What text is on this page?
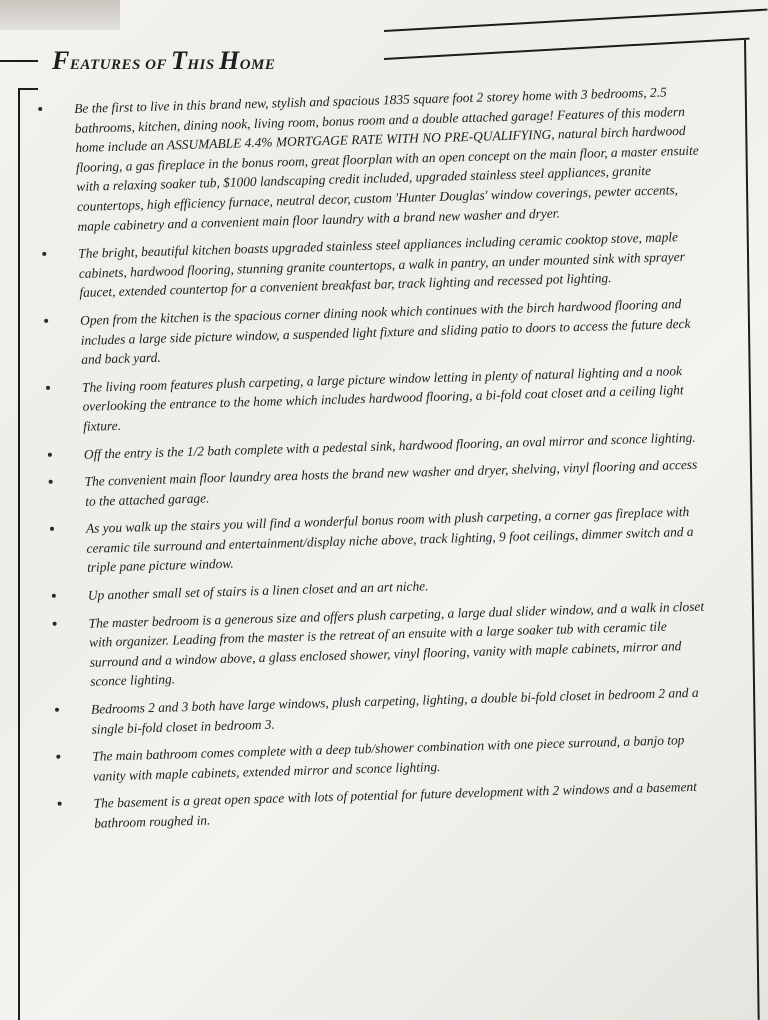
FEATURES OF THIS HOME
Be the first to live in this brand new, stylish and spacious 1835 square foot 2 storey home with 3 bedrooms, 2.5 bathrooms, kitchen, dining nook, living room, bonus room and a double attached garage! Features of this modern home include an ASSUMABLE 4.4% MORTGAGE RATE WITH NO PRE-QUALIFYING, natural birch hardwood flooring, a gas fireplace in the bonus room, great floorplan with an open concept on the main floor, a master ensuite with a relaxing soaker tub, $1000 landscaping credit included, upgraded stainless steel appliances, granite countertops, high efficiency furnace, neutral decor, custom 'Hunter Douglas' window coverings, pewter accents, maple cabinetry and a convenient main floor laundry with a brand new washer and dryer.
The bright, beautiful kitchen boasts upgraded stainless steel appliances including ceramic cooktop stove, maple cabinets, hardwood flooring, stunning granite countertops, a walk in pantry, an under mounted sink with sprayer faucet, extended countertop for a convenient breakfast bar, track lighting and recessed pot lighting.
Open from the kitchen is the spacious corner dining nook which continues with the birch hardwood flooring and includes a large side picture window, a suspended light fixture and sliding patio to doors to access the future deck and back yard.
The living room features plush carpeting, a large picture window letting in plenty of natural lighting and a nook overlooking the entrance to the home which includes hardwood flooring, a bi-fold coat closet and a ceiling light fixture.
Off the entry is the 1/2 bath complete with a pedestal sink, hardwood flooring, an oval mirror and sconce lighting.
The convenient main floor laundry area hosts the brand new washer and dryer, shelving, vinyl flooring and access to the attached garage.
As you walk up the stairs you will find a wonderful bonus room with plush carpeting, a corner gas fireplace with ceramic tile surround and entertainment/display niche above, track lighting, 9 foot ceilings, dimmer switch and a triple pane picture window.
Up another small set of stairs is a linen closet and an art niche.
The master bedroom is a generous size and offers plush carpeting, a large dual slider window, and a walk in closet with organizer. Leading from the master is the retreat of an ensuite with a large soaker tub with ceramic tile surround and a window above, a glass enclosed shower, vinyl flooring, vanity with maple cabinets, mirror and sconce lighting.
Bedrooms 2 and 3 both have large windows, plush carpeting, lighting, a double bi-fold closet in bedroom 2 and a single bi-fold closet in bedroom 3.
The main bathroom comes complete with a deep tub/shower combination with one piece surround, a banjo top vanity with maple cabinets, extended mirror and sconce lighting.
The basement is a great open space with lots of potential for future development with 2 windows and a basement bathroom roughed in.
